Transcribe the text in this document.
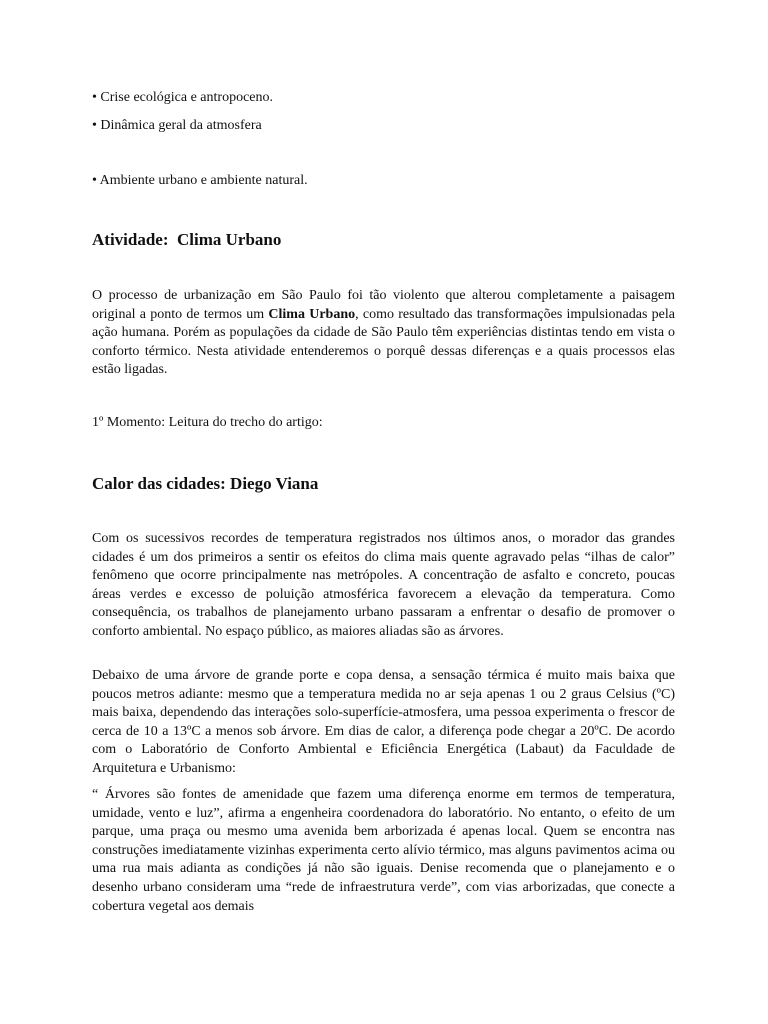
• Crise ecológica e antropoceno.
• Dinâmica geral da atmosfera
• Ambiente urbano e ambiente natural.
Atividade:  Clima Urbano

O processo de urbanização em São Paulo foi tão violento que alterou completamente a paisagem original a ponto de termos um Clima Urbano, como resultado das transformações impulsionadas pela ação humana. Porém as populações da cidade de São Paulo têm experiências distintas tendo em vista o conforto térmico. Nesta atividade entenderemos o porquê dessas diferenças e a quais processos elas estão ligadas.

1º Momento: Leitura do trecho do artigo:
Calor das cidades: Diego Viana

Com os sucessivos recordes de temperatura registrados nos últimos anos, o morador das grandes cidades é um dos primeiros a sentir os efeitos do clima mais quente agravado pelas “ilhas de calor” fenômeno que ocorre principalmente nas metrópoles. A concentração de asfalto e concreto, poucas áreas verdes e excesso de poluição atmosférica favorecem a elevação da temperatura. Como consequência, os trabalhos de planejamento urbano passaram a enfrentar o desafio de promover o conforto ambiental. No espaço público, as maiores aliadas são as árvores.

Debaixo de uma árvore de grande porte e copa densa, a sensação térmica é muito mais baixa que poucos metros adiante: mesmo que a temperatura medida no ar seja apenas 1 ou 2 graus Celsius (ºC) mais baixa, dependendo das interações solo-superfície-atmosfera, uma pessoa experimenta o frescor de cerca de 10 a 13ºC a menos sob árvore. Em dias de calor, a diferença pode chegar a 20ºC. De acordo com o Laboratório de Conforto Ambiental e Eficiência Energética (Labaut) da Faculdade de Arquitetura e Urbanismo:

“ Árvores são fontes de amenidade que fazem uma diferença enorme em termos de temperatura, umidade, vento e luz”, afirma a engenheira coordenadora do laboratório. No entanto, o efeito de um parque, uma praça ou mesmo uma avenida bem arborizada é apenas local. Quem se encontra nas construções imediatamente vizinhas experimenta certo alívio térmico, mas alguns pavimentos acima ou uma rua mais adianta as condições já não são iguais. Denise recomenda que o planejamento e o desenho urbano consideram uma “rede de infraestrutura verde”, com vias arborizadas, que conecte a cobertura vegetal aos demais
